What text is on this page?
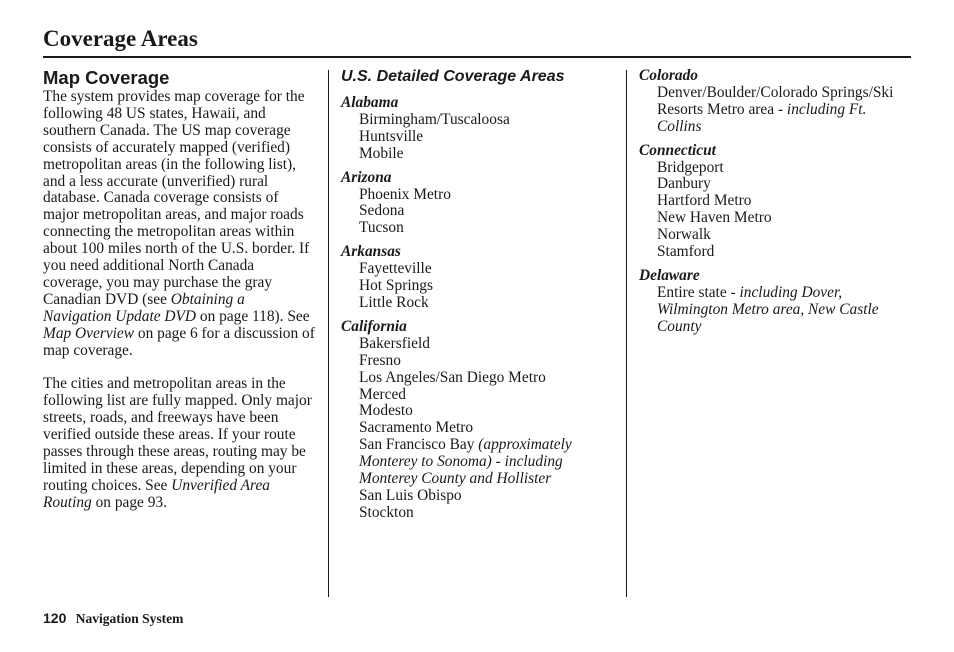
Coverage Areas
Map Coverage

The system provides map coverage for the following 48 US states, Hawaii, and southern Canada. The US map coverage consists of accurately mapped (verified) metropolitan areas (in the following list), and a less accurate (unverified) rural database. Canada coverage consists of major metropolitan areas, and major roads connecting the metropolitan areas within about 100 miles north of the U.S. border. If you need additional North Canada coverage, you may purchase the gray Canadian DVD (see Obtaining a Navigation Update DVD on page 118). See Map Overview on page 6 for a discussion of map coverage.

The cities and metropolitan areas in the following list are fully mapped. Only major streets, roads, and freeways have been verified outside these areas. If your route passes through these areas, routing may be limited in these areas, depending on your routing choices. See Unverified Area Routing on page 93.

U.S. Detailed Coverage Areas
Alabama
Birmingham/Tuscaloosa
Huntsville
Mobile
Arizona
Phoenix Metro
Sedona
Tucson
Arkansas
Fayetteville
Hot Springs
Little Rock
California
Bakersfield
Fresno
Los Angeles/San Diego Metro
Merced
Modesto
Sacramento Metro
San Francisco Bay (approximately Monterey to Sonoma) - including Monterey County and Hollister
San Luis Obispo
Stockton
Colorado
Denver/Boulder/Colorado Springs/Ski Resorts Metro area - including Ft. Collins
Connecticut
Bridgeport
Danbury
Hartford Metro
New Haven Metro
Norwalk
Stamford
Delaware
Entire state - including Dover, Wilmington Metro area, New Castle County
120 Navigation System
